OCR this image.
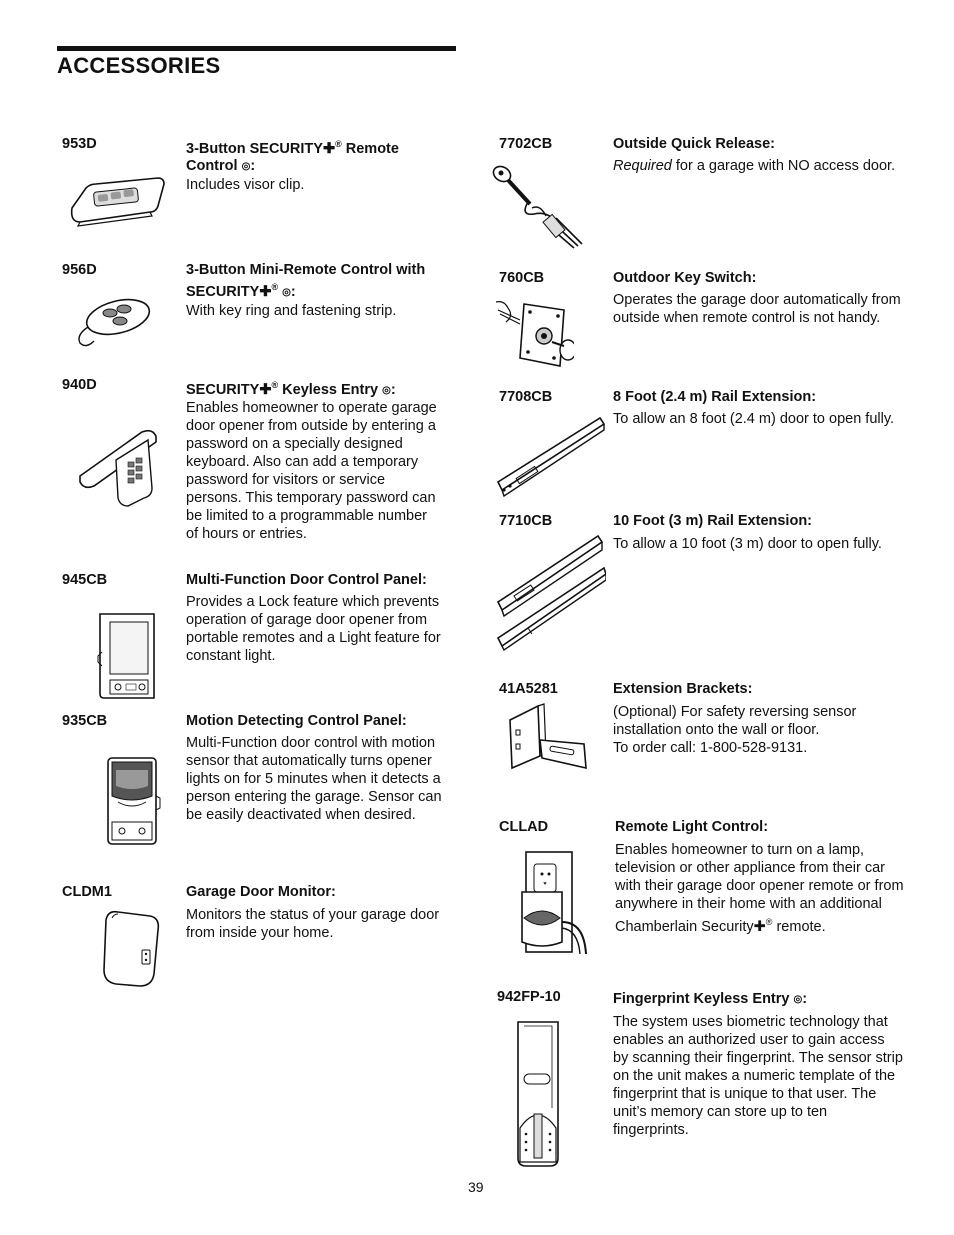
ACCESSORIES
953D	3-Button SECURITY✚® Remote
Control ◎:
Includes visor clip.
956D	3-Button Mini-Remote Control with
SECURITY✚® ◎:
With key ring and fastening strip.
940D	SECURITY✚® Keyless Entry ◎:
Enables homeowner to operate garage door opener from outside by entering a password on a specially designed keyboard. Also can add a temporary password for visitors or service persons. This temporary password can be limited to a programmable number of hours or entries.
945CB	Multi-Function Door Control Panel:
Provides a Lock feature which prevents operation of garage door opener from portable remotes and a Light feature for constant light.
935CB	Motion Detecting Control Panel:
Multi-Function door control with motion sensor that automatically turns opener lights on for 5 minutes when it detects a person entering the garage. Sensor can be easily deactivated when desired.
CLDM1	Garage Door Monitor:
Monitors the status of your garage door from inside your home.
7702CB	Outside Quick Release:
Required for a garage with NO access door.
760CB	Outdoor Key Switch:
Operates the garage door automatically from outside when remote control is not handy.
7708CB	8 Foot (2.4 m) Rail Extension:
To allow an 8 foot (2.4 m) door to open fully.
7710CB	10 Foot (3 m) Rail Extension:
To allow a 10 foot (3 m) door to open fully.
41A5281	Extension Brackets:
(Optional) For safety reversing sensor installation onto the wall or floor.
To order call: 1-800-528-9131.
CLLAD	Remote Light Control:
Enables homeowner to turn on a lamp, television or other appliance from their car with their garage door opener remote or from anywhere in their home with an additional Chamberlain Security✚® remote.
942FP-10	Fingerprint Keyless Entry ◎:
The system uses biometric technology that enables an authorized user to gain access by scanning their fingerprint. The sensor strip on the unit makes a numeric template of the fingerprint that is unique to that user. The unit’s memory can store up to ten fingerprints.
39
